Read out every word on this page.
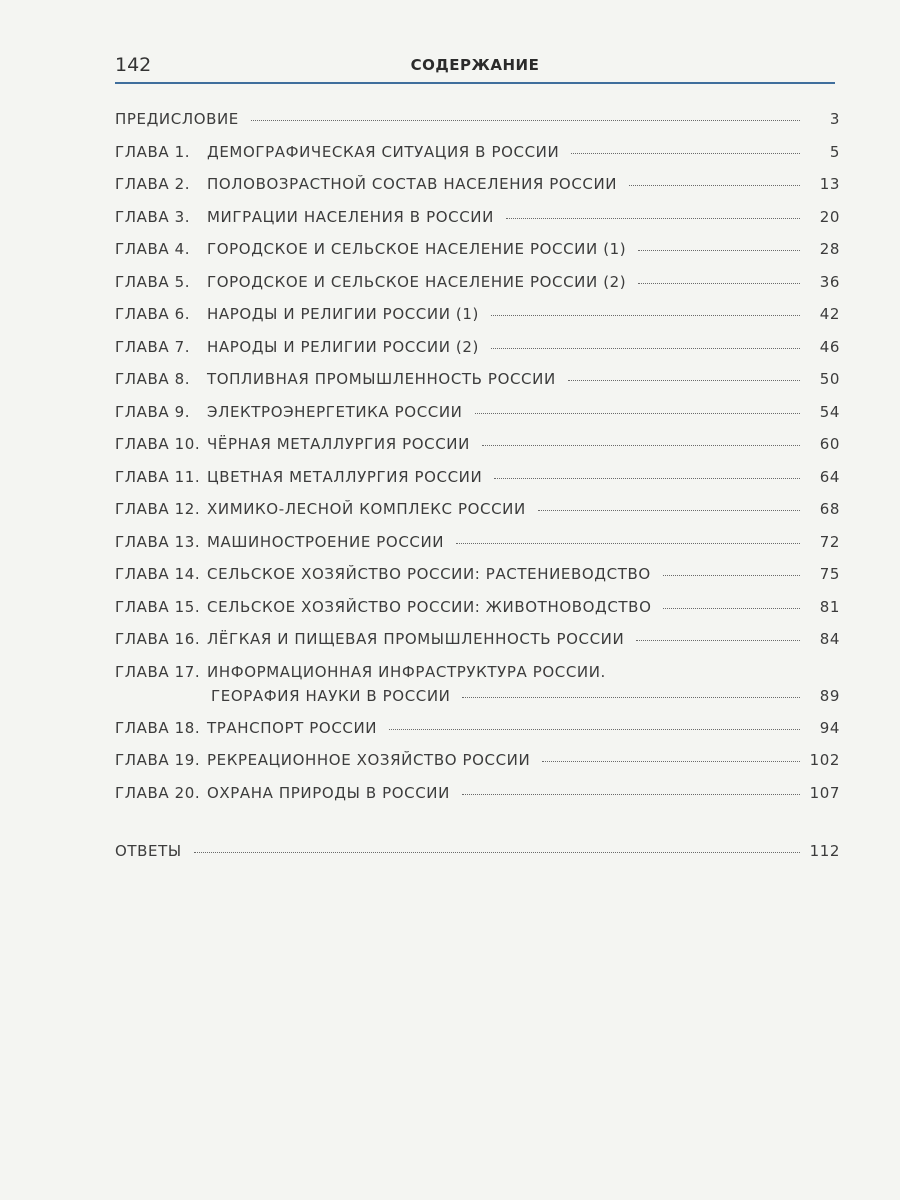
142	СОДЕРЖАНИЕ
ПРЕДИСЛОВИЕ	3
ГЛАВА 1.	ДЕМОГРАФИЧЕСКАЯ СИТУАЦИЯ В РОССИИ	5
ГЛАВА 2.	ПОЛОВОЗРАСТНОЙ СОСТАВ НАСЕЛЕНИЯ РОССИИ	13
ГЛАВА 3.	МИГРАЦИИ НАСЕЛЕНИЯ В РОССИИ	20
ГЛАВА 4.	ГОРОДСКОЕ И СЕЛЬСКОЕ НАСЕЛЕНИЕ РОССИИ (1)	28
ГЛАВА 5.	ГОРОДСКОЕ И СЕЛЬСКОЕ НАСЕЛЕНИЕ РОССИИ (2)	36
ГЛАВА 6.	НАРОДЫ И РЕЛИГИИ РОССИИ (1)	42
ГЛАВА 7.	НАРОДЫ И РЕЛИГИИ РОССИИ (2)	46
ГЛАВА 8.	ТОПЛИВНАЯ ПРОМЫШЛЕННОСТЬ РОССИИ	50
ГЛАВА 9.	ЭЛЕКТРОЭНЕРГЕТИКА РОССИИ	54
ГЛАВА 10. ЧЁРНАЯ МЕТАЛЛУРГИЯ РОССИИ	60
ГЛАВА 11. ЦВЕТНАЯ МЕТАЛЛУРГИЯ РОССИИ	64
ГЛАВА 12. ХИМИКО-ЛЕСНОЙ КОМПЛЕКС РОССИИ	68
ГЛАВА 13. МАШИНОСТРОЕНИЕ РОССИИ	72
ГЛАВА 14. СЕЛЬСКОЕ ХОЗЯЙСТВО РОССИИ: РАСТЕНИЕВОДСТВО	75
ГЛАВА 15. СЕЛЬСКОЕ ХОЗЯЙСТВО РОССИИ: ЖИВОТНОВОДСТВО	81
ГЛАВА 16. ЛЁГКАЯ И ПИЩЕВАЯ ПРОМЫШЛЕННОСТЬ РОССИИ	84
ГЛАВА 17. ИНФОРМАЦИОННАЯ ИНФРАСТРУКТУРА РОССИИ.
ГЕОРАФИЯ НАУКИ В РОССИИ	89
ГЛАВА 18. ТРАНСПОРТ РОССИИ	94
ГЛАВА 19. РЕКРЕАЦИОННОЕ ХОЗЯЙСТВО РОССИИ	102
ГЛАВА 20. ОХРАНА ПРИРОДЫ В РОССИИ	107
ОТВЕТЫ	112
